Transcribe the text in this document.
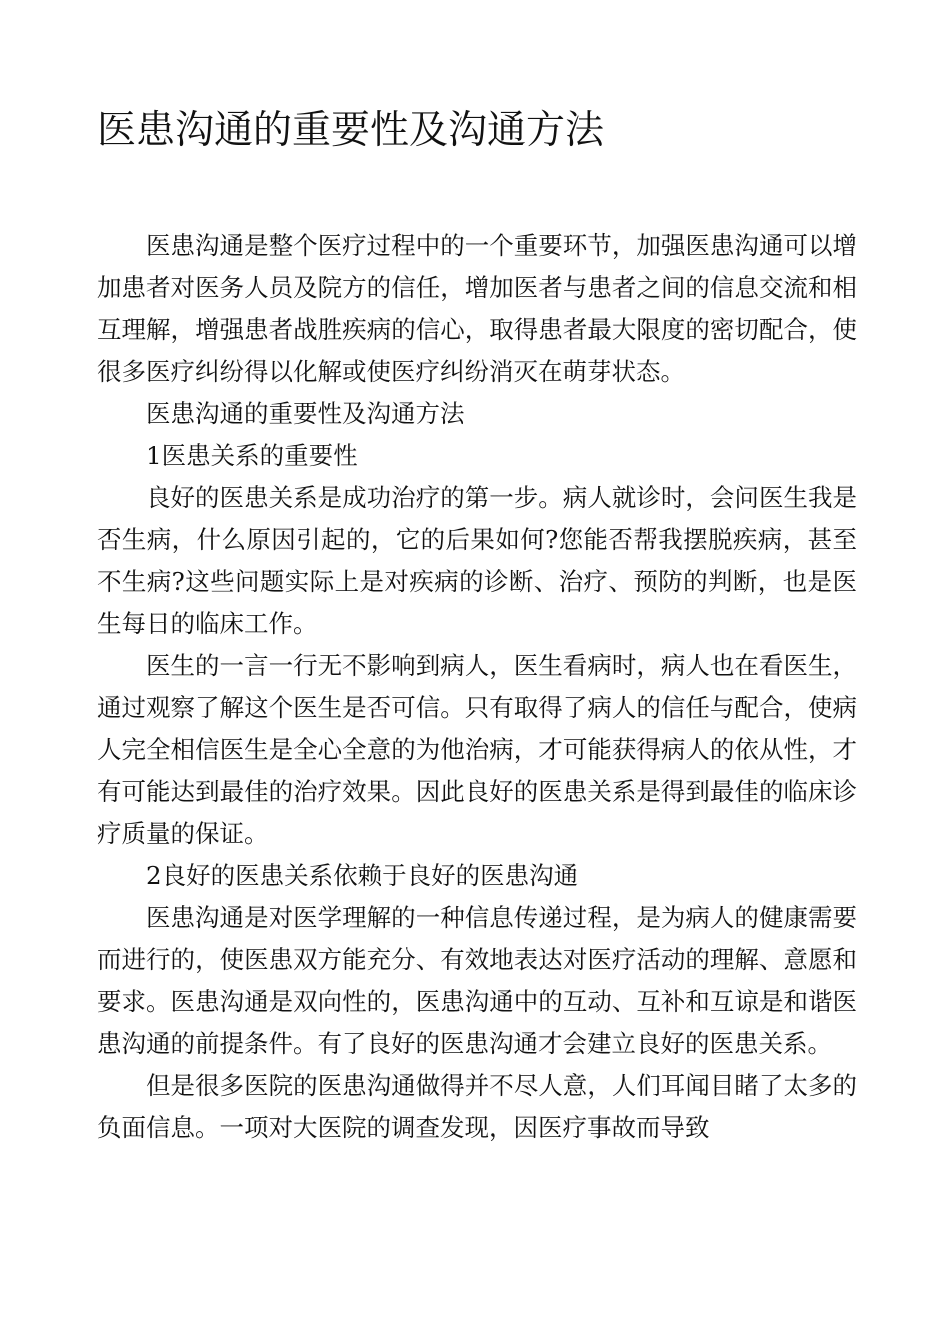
医患沟通的重要性及沟通方法

医患沟通是整个医疗过程中的一个重要环节，加强医患沟通可以增加患者对医务人员及院方的信任，增加医者与患者之间的信息交流和相互理解，增强患者战胜疾病的信心，取得患者最大限度的密切配合，使很多医疗纠纷得以化解或使医疗纠纷消灭在萌芽状态。

医患沟通的重要性及沟通方法

1医患关系的重要性

良好的医患关系是成功治疗的第一步。病人就诊时，会问医生我是否生病，什么原因引起的，它的后果如何?您能否帮我摆脱疾病，甚至不生病?这些问题实际上是对疾病的诊断、治疗、预防的判断，也是医生每日的临床工作。

医生的一言一行无不影响到病人，医生看病时，病人也在看医生，通过观察了解这个医生是否可信。只有取得了病人的信任与配合，使病人完全相信医生是全心全意的为他治病，才可能获得病人的依从性，才有可能达到最佳的治疗效果。因此良好的医患关系是得到最佳的临床诊疗质量的保证。

2良好的医患关系依赖于良好的医患沟通

医患沟通是对医学理解的一种信息传递过程，是为病人的健康需要而进行的，使医患双方能充分、有效地表达对医疗活动的理解、意愿和要求。医患沟通是双向性的，医患沟通中的互动、互补和互谅是和谐医患沟通的前提条件。有了良好的医患沟通才会建立良好的医患关系。

但是很多医院的医患沟通做得并不尽人意，人们耳闻目睹了太多的负面信息。一项对大医院的调查发现，因医疗事故而导致
